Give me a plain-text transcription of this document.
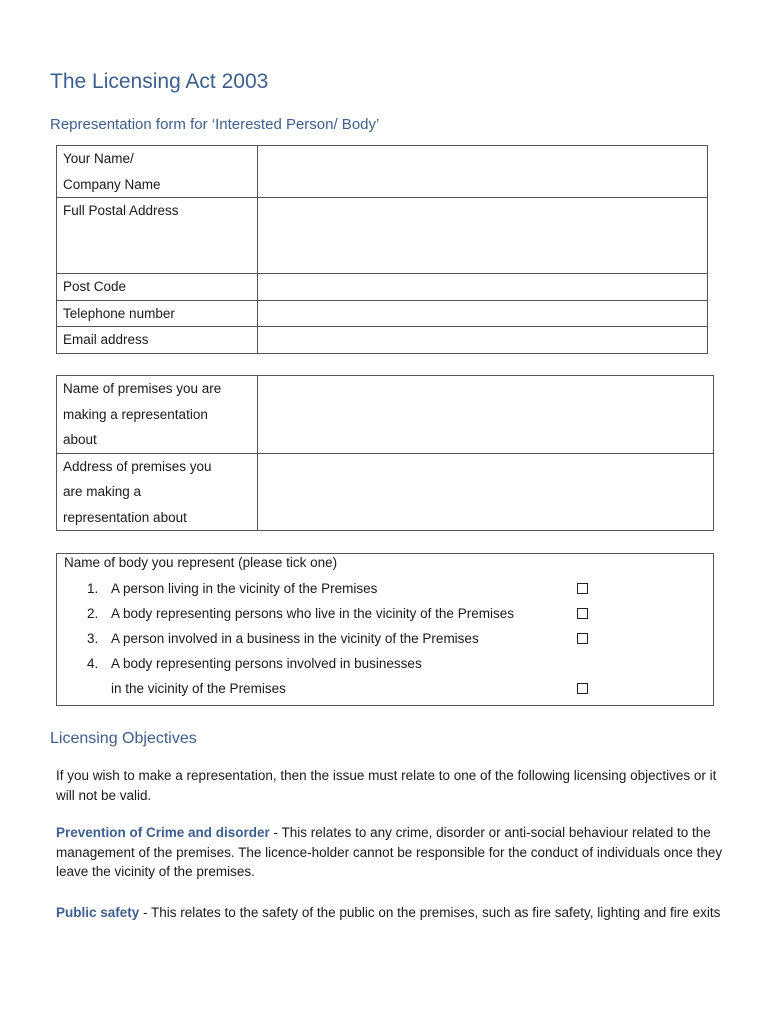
The Licensing Act 2003
Representation form for ‘Interested Person/ Body’
Your Name/
Company Name	

Full Postal Address	
Post Code	
Telephone number	
Email address	
Name of premises you are
making a representation
about	

Address of premises you
are making a
representation about	

Name of body you represent (please tick one)
1. A person living in the vicinity of the Premises
2. A body representing persons who live in the vicinity of the Premises
3. A person involved in a business in the vicinity of the Premises
4. A body representing persons involved in businesses
in the vicinity of the Premises
Licensing Objectives

If you wish to make a representation, then the issue must relate to one of the following licensing objectives or it will not be valid.

Prevention of Crime and disorder - This relates to any crime, disorder or anti-social behaviour related to the management of the premises. The licence-holder cannot be responsible for the conduct of individuals once they leave the vicinity of the premises.

Public safety - This relates to the safety of the public on the premises, such as fire safety, lighting and fire exits
